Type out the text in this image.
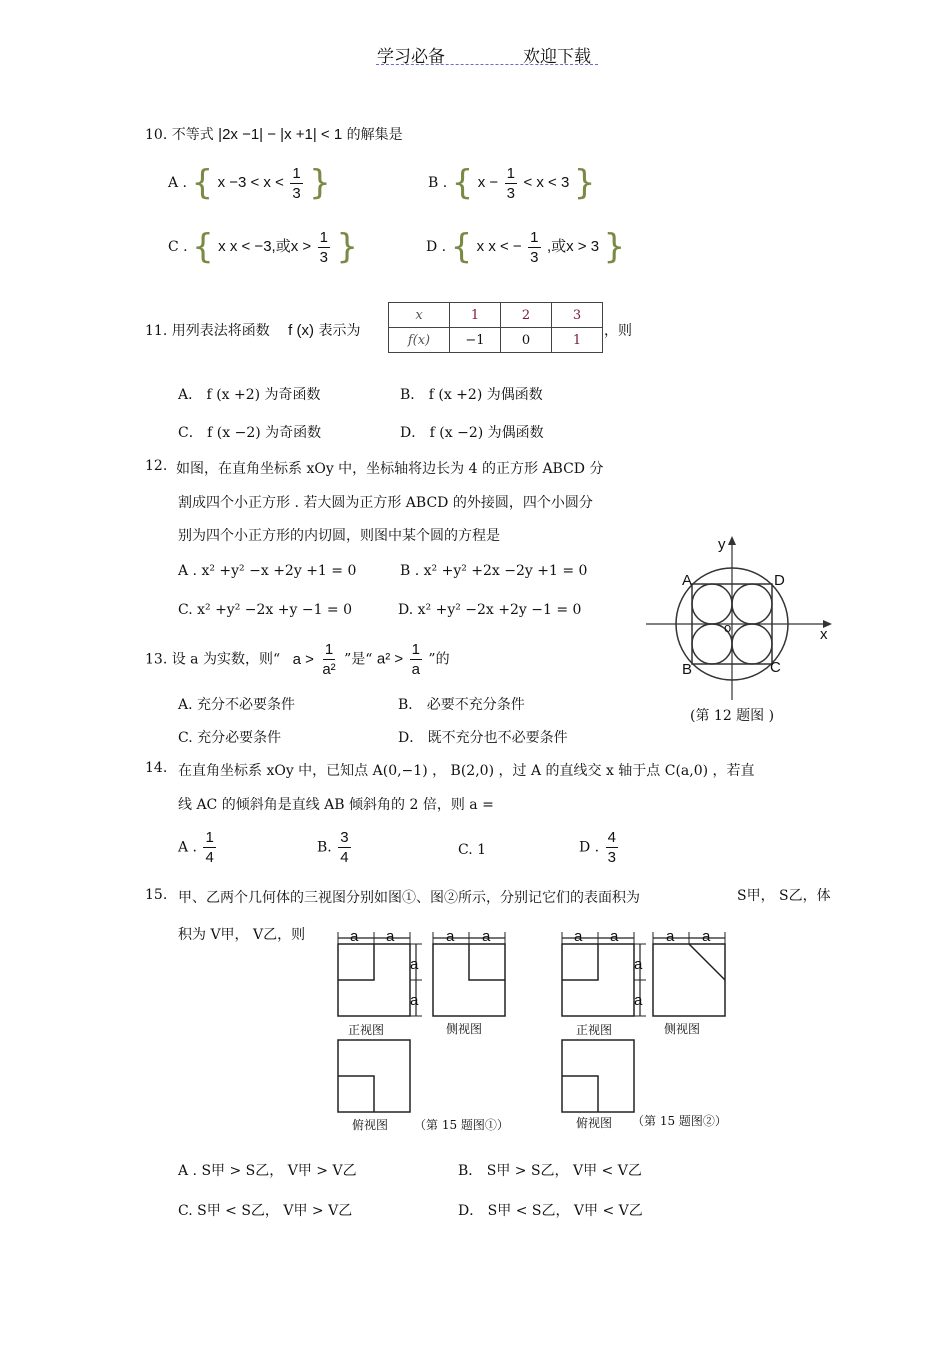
学习必备	欢迎下载
10. 不等式 |2x −1| − |x +1| < 1 的解集是
A . { $x -3 < x < \frac{1}{3}$ }	B . { $x - \frac{1}{3} < x < 3$ }
C . { x x < −3,或$x > \frac{1}{3}$ }	D . { x x < − $\frac{1}{3}$ ,或x > 3 }
11. 用列表法将函数 f (x) 表示为
x	1	2	3
f(x)	−1	0	1
，则
A． f (x +2) 为奇函数	B． f (x +2) 为偶函数
C． f (x −2) 为奇函数	D． f (x −2) 为偶函数
12. 如图，在直角坐标系 xOy 中，坐标轴将边长为 4 的正方形 ABCD 分
割成四个小正方形 . 若大圆为正方形 ABCD 的外接圆，四个小圆分
别为四个小正方形的内切圆，则图中某个圆的方程是
A . x² +y² −x +2y +1 = 0	B . x² +y² +2x −2y +1 = 0
C. x² +y² −2x +y −1 = 0	D. x² +y² −2x +2y −1 = 0
y
x
o
A	D
B	C
(第 12 题图 )
13. 设 a 为实数，则“ $a > \frac{1}{\text{a²}}$ ”是“ $a^2 > \frac{1}{a}$ ”的
A. 充分不必要条件	B． 必要不充分条件
C. 充分必要条件	D． 既不充分也不必要条件
14. 在直角坐标系 xOy 中，已知点 A(0,−1) ， B(2,0) ，过 A 的直线交 x 轴于点 C(a,0) ，若直
线 AC 的倾斜角是直线 AB 倾斜角的 2 倍，则 a =
A . $\frac{1}{4}$	B. $\frac{3}{4}$	C. 1	D . $\frac{4}{3}$
15. 甲、乙两个几何体的三视图分别如图①、图②所示，分别记它们的表面积为	S甲， S乙，体
积为 V甲， V乙，则	a a
a
a
a a
正视图	侧视图
俯视图 （第 15 题图①）
a a
a
a
a a
正视图	侧视图
俯视图 （第 15 题图②）
A . S甲 > S乙， V甲 > V乙	B． S甲 > S乙， V甲 < V乙
C. S甲 < S乙， V甲 > V乙	D． S甲 < S乙， V甲 < V乙
